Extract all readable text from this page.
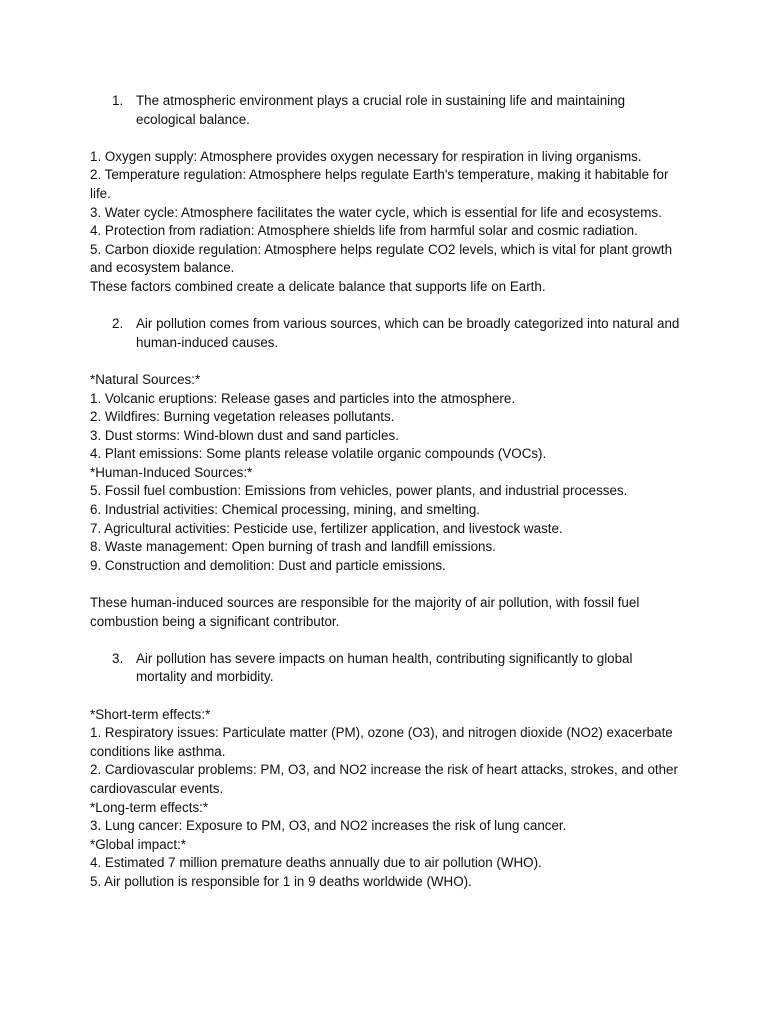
1. The atmospheric environment plays a crucial role in sustaining life and maintaining ecological balance.
1. Oxygen supply: Atmosphere provides oxygen necessary for respiration in living organisms.
2. Temperature regulation: Atmosphere helps regulate Earth's temperature, making it habitable for life.
3. Water cycle: Atmosphere facilitates the water cycle, which is essential for life and ecosystems.
4. Protection from radiation: Atmosphere shields life from harmful solar and cosmic radiation.
5. Carbon dioxide regulation: Atmosphere helps regulate CO2 levels, which is vital for plant growth and ecosystem balance.
These factors combined create a delicate balance that supports life on Earth.
2. Air pollution comes from various sources, which can be broadly categorized into natural and human-induced causes.
*Natural Sources:*
1. Volcanic eruptions: Release gases and particles into the atmosphere.
2. Wildfires: Burning vegetation releases pollutants.
3. Dust storms: Wind-blown dust and sand particles.
4. Plant emissions: Some plants release volatile organic compounds (VOCs).
*Human-Induced Sources:*
5. Fossil fuel combustion: Emissions from vehicles, power plants, and industrial processes.
6. Industrial activities: Chemical processing, mining, and smelting.
7. Agricultural activities: Pesticide use, fertilizer application, and livestock waste.
8. Waste management: Open burning of trash and landfill emissions.
9. Construction and demolition: Dust and particle emissions.
These human-induced sources are responsible for the majority of air pollution, with fossil fuel combustion being a significant contributor.
3. Air pollution has severe impacts on human health, contributing significantly to global mortality and morbidity.
*Short-term effects:*
1. Respiratory issues: Particulate matter (PM), ozone (O3), and nitrogen dioxide (NO2) exacerbate conditions like asthma.
2. Cardiovascular problems: PM, O3, and NO2 increase the risk of heart attacks, strokes, and other cardiovascular events.
*Long-term effects:*
3. Lung cancer: Exposure to PM, O3, and NO2 increases the risk of lung cancer.
*Global impact:*
4. Estimated 7 million premature deaths annually due to air pollution (WHO).
5. Air pollution is responsible for 1 in 9 deaths worldwide (WHO).
